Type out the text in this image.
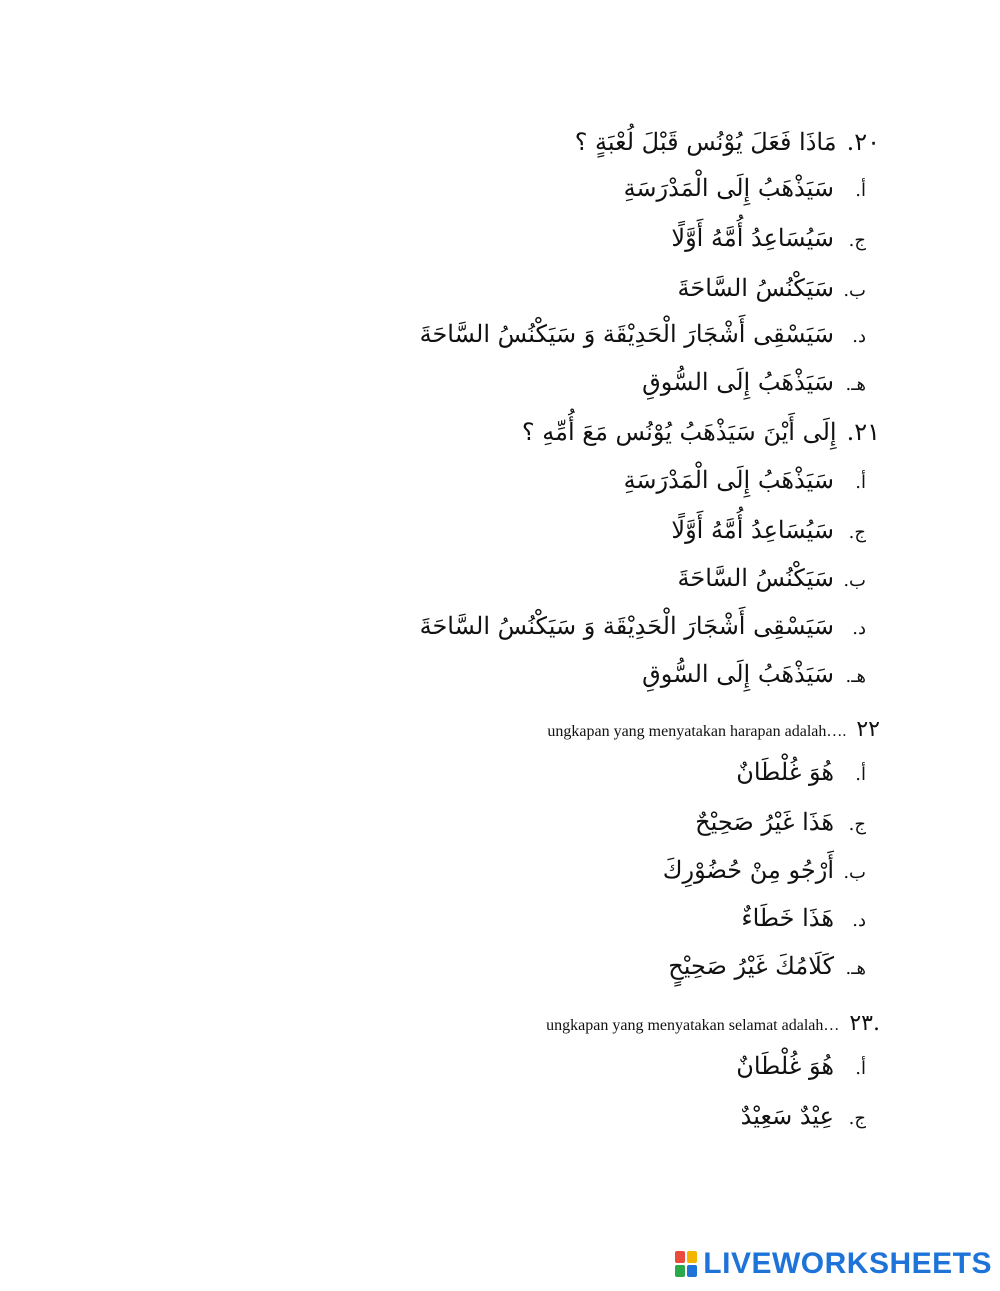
٢٠.مَاذَا فَعَلَ يُوْنُس قَبْلَ لُعْبَةٍ ؟
أ.سَيَذْهَبُ إِلَى الْمَدْرَسَةِ
ج.سَيُسَاعِدُ أُمَّهُ أَوَّلًا
ب.سَيَكْنُسُ السَّاحَةَ
د.سَيَسْقِى أَشْجَارَ الْحَدِيْقَة وَ سَيَكْنُسُ السَّاحَةَ
هـ.سَيَذْهَبُ إِلَى السُّوقِ
٢١.إِلَى أَيْنَ سَيَذْهَبُ يُوْنُس مَعَ أُمِّهِ ؟
أ.سَيَذْهَبُ إِلَى الْمَدْرَسَةِ
ج.سَيُسَاعِدُ أُمَّهُ أَوَّلًا
ب.سَيَكْنُسُ السَّاحَةَ
د.سَيَسْقِى أَشْجَارَ الْحَدِيْقَة وَ سَيَكْنُسُ السَّاحَةَ
هـ.سَيَذْهَبُ إِلَى السُّوقِ
ungkapan yang menyatakan harapan adalah…. ٢٢
أ.هُوَ غُلْطَانٌ
ج.هَذَا غَيْرُ صَحِيْحٌ
ب.أَرْجُو مِنْ حُضُوْرِكَ
د.هَذَا خَطَاءٌ
هـ.كَلَامُكَ غَيْرُ صَحِيْحٍ
ungkapan yang menyatakan selamat adalah… ٢٣.
أ.هُوَ غُلْطَانٌ
ج.عِيْدٌ سَعِيْدٌ
LIVEWORKSHEETS
